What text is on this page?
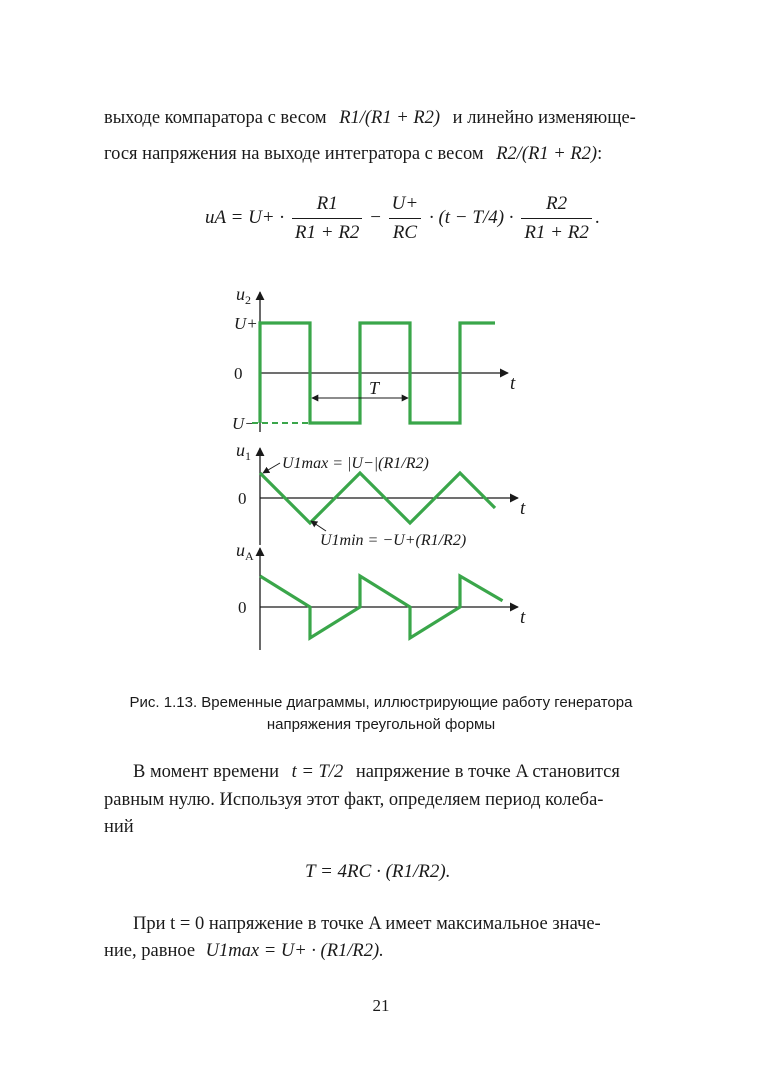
выходе компаратора с весом R1/(R1 + R2) и линейно изменяюще-
гося напряжения на выходе интегратора с весом R2/(R1 + R2):
uA = $U+ \cdot \frac{R1}{R1 + R2} - \frac{U+}{RC} \cdot (t - T/4) \cdot \frac{R2}{R1 + R2}$ .
$u_2$
t
U+
0
U−
T
$u_1$
t
0
U1max = |U−|(R1/R2)
U1min = −U+(R1/R2)
$u_A$
t
0
Рис. 1.13. Временные диаграммы, иллюстрирующие работу генератора
напряжения треугольной формы
В момент времени t = T/2 напряжение в точке A становится
равным нулю. Используя этот факт, определяем период колеба-
ний
T = 4RC · (R1/R2).
При t = 0 напряжение в точке A имеет максимальное значе-
ние, равное U1max = U+ · (R1/R2).
21
